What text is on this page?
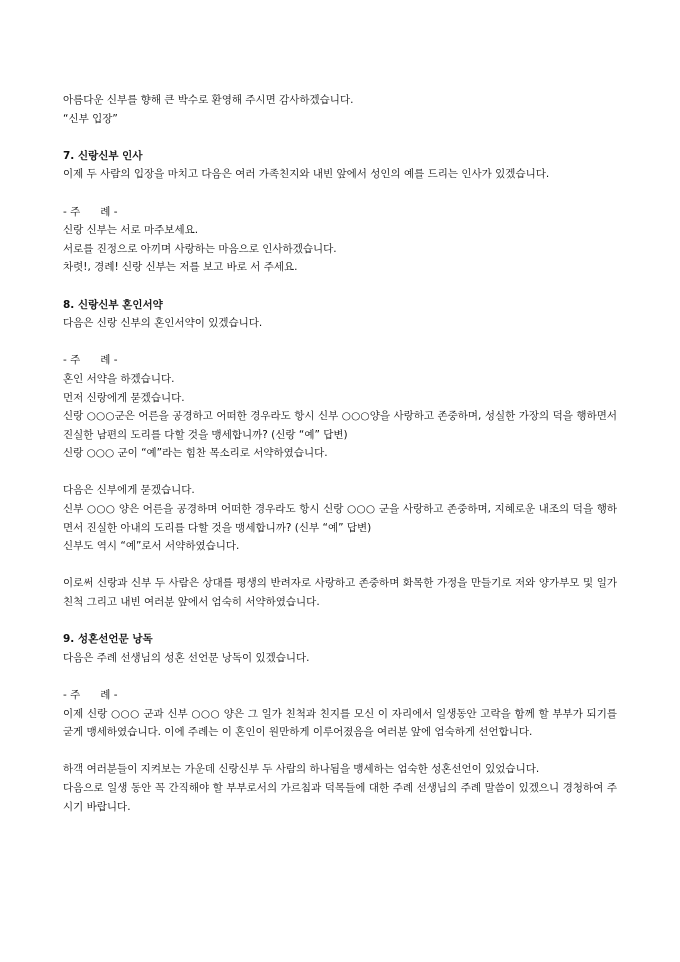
아름다운 신부를 향해 큰 박수로 환영해 주시면 감사하겠습니다.

“신부 입장”

7. 신랑신부 인사

이제 두 사람의 입장을 마치고 다음은 여러 가족친지와 내빈 앞에서 성인의 예를 드리는 인사가 있겠습니다.

- 주      례 -

신랑 신부는 서로 마주보세요.

서로를 진정으로 아끼며 사랑하는 마음으로 인사하겠습니다.

차렷!, 경례! 신랑 신부는 저를 보고 바로 서 주세요.

8. 신랑신부 혼인서약

다음은 신랑 신부의 혼인서약이 있겠습니다.

- 주      례 -

혼인 서약을 하겠습니다.

먼저 신랑에게 묻겠습니다.

신랑 ○○○군은 어른을 공경하고 어떠한 경우라도 항시 신부 ○○○양을 사랑하고 존중하며, 성실한 가장의 덕을 행하면서 진실한 남편의 도리를 다할 것을 맹세합니까? (신랑 “예” 답변)

신랑 ○○○ 군이 “예”라는 힘찬 목소리로 서약하였습니다.

다음은 신부에게 묻겠습니다.

신부 ○○○ 양은 어른을 공경하며 어떠한 경우라도 항시 신랑 ○○○ 군을 사랑하고 존중하며, 지혜로운 내조의 덕을 행하면서 진실한 아내의 도리를 다할 것을 맹세합니까? (신부 “예” 답변)

신부도 역시 “예”로서 서약하였습니다.

이로써 신랑과 신부 두 사람은 상대를 평생의 반려자로 사랑하고 존중하며 화목한 가정을 만들기로 저와 양가부모 및 일가친척 그리고 내빈 여러분 앞에서 엄숙히 서약하였습니다.

9. 성혼선언문 낭독

다음은 주례 선생님의 성혼 선언문 낭독이 있겠습니다.

- 주      례 -

이제 신랑 ○○○ 군과 신부 ○○○ 양은 그 일가 친척과 친지를 모신 이 자리에서 일생동안 고락을 함께 할 부부가 되기를 굳게 맹세하였습니다. 이에 주례는 이 혼인이 원만하게 이루어졌음을 여러분 앞에 엄숙하게 선언합니다.

하객 여러분들이 지켜보는 가운데 신랑신부 두 사람의 하나됨을 맹세하는 엄숙한 성혼선언이 있었습니다.

다음으로 일생 동안 꼭 간직해야 할 부부로서의 가르침과 덕목들에 대한 주례 선생님의 주례 말씀이 있겠으니 경청하여 주시기 바랍니다.
